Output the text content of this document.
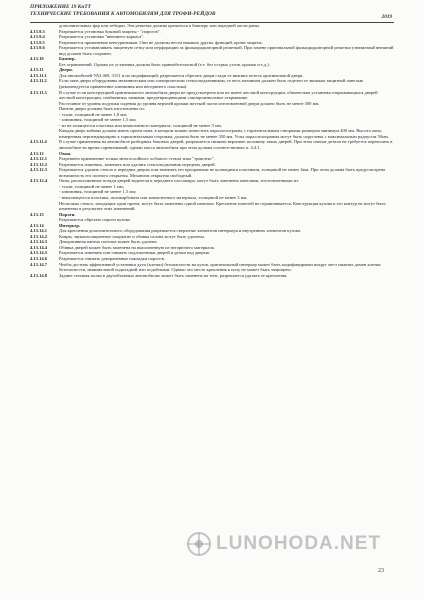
ПРИЛОЖЕНИЕ 19 КнТТ
ТЕХНИЧЕСКИЕ ТРЕБОВАНИЯ К АВТОМОБИЛЯМ ДЛЯ ТРОФИ-РЕЙДОВ
2019
дополнительных фар или лебедки. Эти решетка должна крепиться к бамперу или передней части рамы.
4.13.9.3	Разрешается установка боковой защиты - "порогов".
4.13.9.4	Разрешается установка "внешнего каркаса".
4.13.9.5	Разрешается применение кенгурятников. Они не должны нести никаких других функций, кроме защиты.
4.13.9.6	Разрешается устанавливать защитную сетку или перфорацию за фальшрадиаторной решеткой. При замене оригинальной фальшрадиаторной решетки узнаваемый внешний вид должен быть сохранен.
4.13.10	Бампер.
Без ограничений. Однако их установка должна быть травмобезопасной (т.е. без острых углов, кромок и т.д.).
4.13.11	Двери.
4.13.11.1	Для автомобилей УАЗ 469, 3151 и их модификаций, разрешается обрезать двери сзади от нижних петель оригинальной двери.
4.13.11.2	Если окна двери оборудованы механическим или электрическим стеклоподъемником, то весь механизм должен быть отделен от экипажа защитной панелью (рекомендуется применение алюминия или негорючего пластика).
4.13.11.3	В случае если конструкцией оригинального автомобиля двери не предусмотрена или не имеет жесткой конструкции, обязательна установка открывающихся дверей жесткой конструкции, снабженных замками, предотвращающими самопроизвольное открывание.
Расстояние от уровня подушки сидения до уровня верхней кромки жесткой части изготовленной двери должно быть не менее 300 мм.
Панели двери должны быть изготовлены из:
- стали, толщиной не менее 1,0 мм;
- алюминия, толщиной не менее 1,5 мм;
- из не холящегося пластика или композитного материала, толщиной не менее 3 мм.
Каждая дверь кабины должна иметь проем окна, в котором можно поместить параллелограмм, с горизонтальным створками размером минимум 400 мм. Высота окна, измеренная перпендикулярно к горизонтальным сторонам, должна быть не менее 350 мм. Углы параллелограмма могут быть скруглены с максимальным радиусом 50мм.
4.13.11.4	В случае применения на автомобиле разборных боковых дверей, разрешается снимать верхнюю половину таких дверей. При этом снятые детали не требуется перевозить в автомобиле во время соревнований, однако масса автомобиля при этом должна соответствовать п. 4.4.1.
4.13.12	Окна.
4.13.12.1	Разрешено применение только многослойного лобового стекла типа "триплекс".
4.13.12.2	Разрешается изменять, заменять или удалять стеклоподъемник передних дверей.
4.13.12.3	Разрешается удалять стекло в передних дверях или заменять его прозрачным не колющимся пластиком, толщиной не менее 4мм. При этом должна быть предусмотрена возможность его полного открытия. Механизм открытия свободный.
4.13.12.4	Окна, расположенные позади дверей водителя и переднего пассажира, могут быть заменены панелями, изготовленными из:
- стали, толщиной не менее 1 мм;
- алюминия, толщиной не менее 1,5 мм;
- некалющегося пластика, поликарбоната или композитного материала, толщиной не менее 3 мм.
Несколько стекол, заходящих одни проем, могут быть заменены одной панелью. Крепление панелей не ограничивается. Конструкция кузова и его контур не могут быть изменены в результате этих изменений.
4.13.13	Пороги.
Разрешается обрезать пороги кузова.
4.13.14	Интерьер.
4.13.14.1	Для крепления дополнительного оборудования разрешается сверление элементов интерьера и внутренних элементов кузова.
4.13.14.2	Ковры, звукоизоляционное покрытие и обивка салона могут быть удалены.
4.13.14.3	Декоративная панель потолка может быть удалена.
4.13.14.4	Обивка дверей может быть заменена на выполненную из негорючего материала.
4.13.14.5	Разрешается изменять или снимать подлокотники дверей и ручки над дверью.
4.13.14.6	Разрешается снимать декоративные накладки порогов.
4.13.14.7	Чтобы достичь эффективной установки дуги (клетки) безопасности на кузов, оригинальный интерьер может быть модифицирован вокруг мест нижних домен клетки безопасности, минимальной подкладкой или подобными. Однако это место крепления к полу не может быть защищено.
4.13.14.8	Задние съемная полка в двухобъемных автомобилях может быть заменена на тент, разрешается удалять ее крепления.
LUNOHODA.NET
23
